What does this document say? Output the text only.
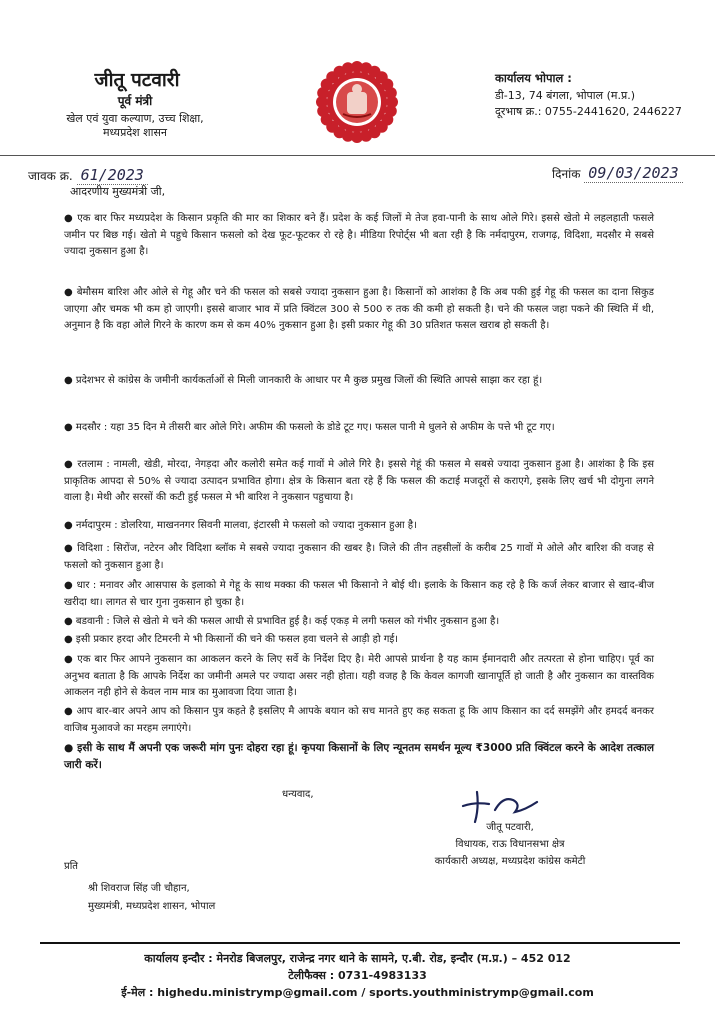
जीतू पटवारी
पूर्व मंत्री
खेल एवं युवा कल्याण, उच्च शिक्षा,
मध्यप्रदेश शासन
कार्यालय भोपाल :
डी-13, 74 बंगला, भोपाल (म.प्र.)
दूरभाष क्र.: 0755-2441620, 2446227
जावक क्र. 61/2023	दिनांक 09/03/2023
आदरणीय मुख्यमंत्री जी,
● एक बार फिर मध्यप्रदेश के किसान प्रकृति की मार का शिकार बने हैं। प्रदेश के कई जिलों मे तेज हवा-पानी के साथ ओले गिरे। इससे खेतो मे लहलहाती फसले जमीन पर बिछ गई। खेतो मे पहुचे किसान फसलो को देख फूट-फूटकर रो रहे है। मीडिया रिपोर्ट्स भी बता रही है कि नर्मदापुरम, राजगढ़, विदिशा, मदसौर मे सबसे ज्यादा नुकसान हुआ है।
● बेमौसम बारिश और ओले से गेहू और चने की फसल को सबसे ज्यादा नुकसान हुआ है। किसानों को आशंका है कि अब पकी हुई गेहू की फसल का दाना सिकुड जाएगा और चमक भी कम हो जाएगी। इससे बाजार भाव में प्रति क्विंटल 300 से 500 रु तक की कमी हो सकती है। चने की फसल जहा पकने की स्थिति में थी, अनुमान है कि वहा ओले गिरने के कारण कम से कम 40% नुकसान हुआ है। इसी प्रकार गेहू की 30 प्रतिशत फसल खराब हो सकती है।
● प्रदेशभर से कांग्रेस के जमीनी कार्यकर्ताओं से मिली जानकारी के आधार पर मै कुछ प्रमुख जिलों की स्थिति आपसे साझा कर रहा हूं।
● मदसौर : यहा 35 दिन मे तीसरी बार ओले गिरे। अफीम की फसलो के डोडे टूट गए। फसल पानी मे धुलने से अफीम के पत्ते भी टूट गए।
● रतलाम : नामली, खेडी, मोरदा, नेगड़दा और कलोरी समेत कई गावों मे ओले गिरे है। इससे गेहूं की फसल मे सबसे ज्यादा नुकसान हुआ है। आशंका है कि इस प्राकृतिक आपदा से 50% से ज्यादा उत्पादन प्रभावित होगा। क्षेत्र के किसान बता रहे हैं कि फसल की कटाई मजदूरों से कराएगे, इसके लिए खर्च भी दोगुना लगने वाला है। मेथी और सरसों की कटी हुई फसल मे भी बारिश ने नुकसान पहुचाया है।
● नर्मदापुरम : डोलरिया, माखननगर सिवनी मालवा, इंटारसी मे फसलो को ज्यादा नुकसान हुआ है।
● विदिशा : सिरोंज, नटेरन और विदिशा ब्लॉक मे सबसे ज्यादा नुकसान की खबर है। जिले की तीन तहसीलों के करीब 25 गावों मे ओले और बारिश की वजह से फसलो को नुकसान हुआ है।
● धार : मनावर और आसपास के इलाको मे गेहू के साथ मक्का की फसल भी किसानो ने बोई थी। इलाके के किसान कह रहे है कि कर्ज लेकर बाजार से खाद-बीज खरीदा था। लागत से चार गुना नुकसान हो चुका है।
● बडवानी : जिले से खेतो मे चने की फसल आधी से प्रभावित हुई है। कई एकड़ मे लगी फसल को गंभीर नुकसान हुआ है।
● इसी प्रकार हरदा और टिमरनी मे भी किसानों की चने की फसल हवा चलने से आड़ी हो गई।
● एक बार फिर आपने नुकसान का आकलन करने के लिए सर्वे के निर्देश दिए है। मेरी आपसे प्रार्थना है यह काम ईमानदारी और तत्परता से होना चाहिए। पूर्व का अनुभव बताता है कि आपके निर्देश का जमीनी अमले पर ज्यादा असर नही होता। यही वजह है कि केवल कागजी खानापूर्ति हो जाती है और नुकसान का वास्तविक आकलन नही होने से केवल नाम मात्र का मुआवजा दिया जाता है।
● आप बार-बार अपने आप को किसान पुत्र कहते है इसलिए मै आपके बयान को सच मानते हुए कह सकता हू कि आप किसान का दर्द समझेंगे और हमदर्द बनकर वाजिब मुआवजे का मरहम लगाएंगे।
● इसी के साथ मैं अपनी एक जरूरी मांग पुनः दोहरा रहा हूं। कृपया किसानों के लिए न्यूनतम समर्थन मूल्य ₹3000 प्रति क्विंटल करने के आदेश तत्काल जारी करें।
धन्यवाद,
जीतू पटवारी,
विधायक, राऊ विधानसभा क्षेत्र
कार्यकारी अध्यक्ष, मध्यप्रदेश कांग्रेस कमेटी
प्रति
श्री शिवराज सिंह जी चौहान,
मुख्यमंत्री, मध्यप्रदेश शासन, भोपाल
कार्यालय इन्दौर : मेनरोड बिजलपुर, राजेन्द्र नगर थाने के सामने, ए.बी. रोड, इन्दौर (म.प्र.) – 452 012
टेलीफैक्स : 0731-4983133
ई-मेल : highedu.ministrymp@gmail.com / sports.youthministrymp@gmail.com
